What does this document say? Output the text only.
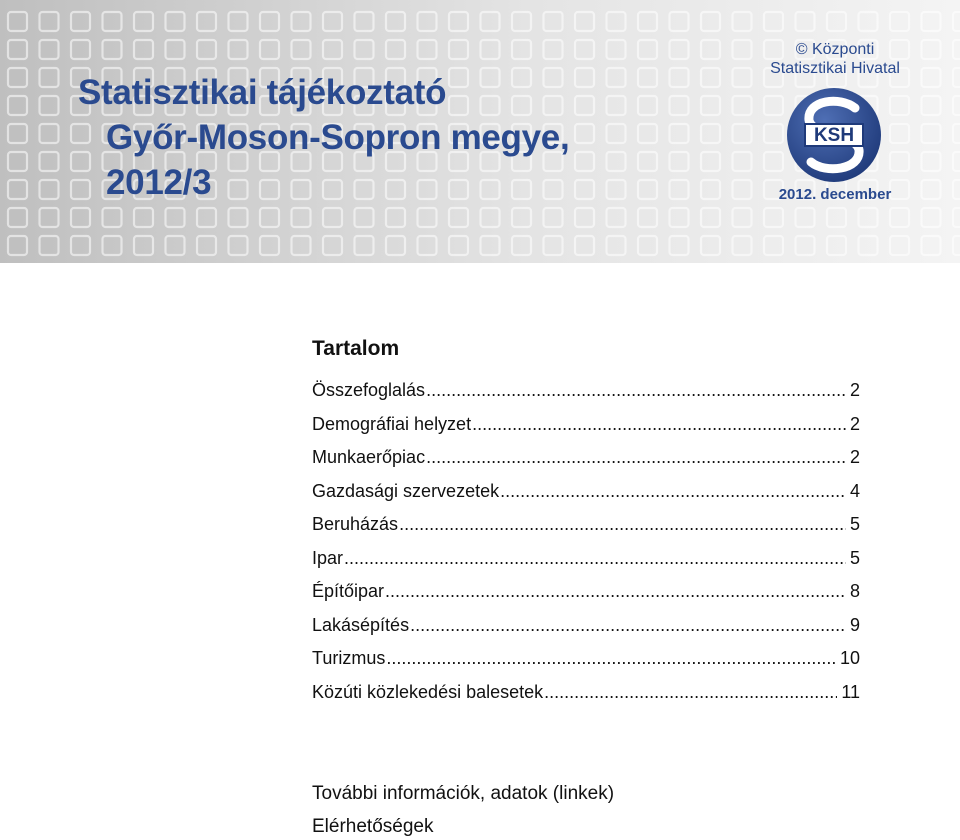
Statisztikai tájékoztató
Győr-Moson-Sopron megye,
2012/3
© Központi
Statisztikai Hivatal
KSH
2012. december
Tartalom
Összefoglalás .....	2
Demográfiai helyzet .....	2
Munkaerőpiac .....	2
Gazdasági szervezetek .....	4
Beruházás .....	5
Ipar .....	5
Építőipar .....	8
Lakásépítés .....	9
Turizmus .....	10
Közúti közlekedési balesetek .....	11
További információk, adatok (linkek)
Elérhetőségek
